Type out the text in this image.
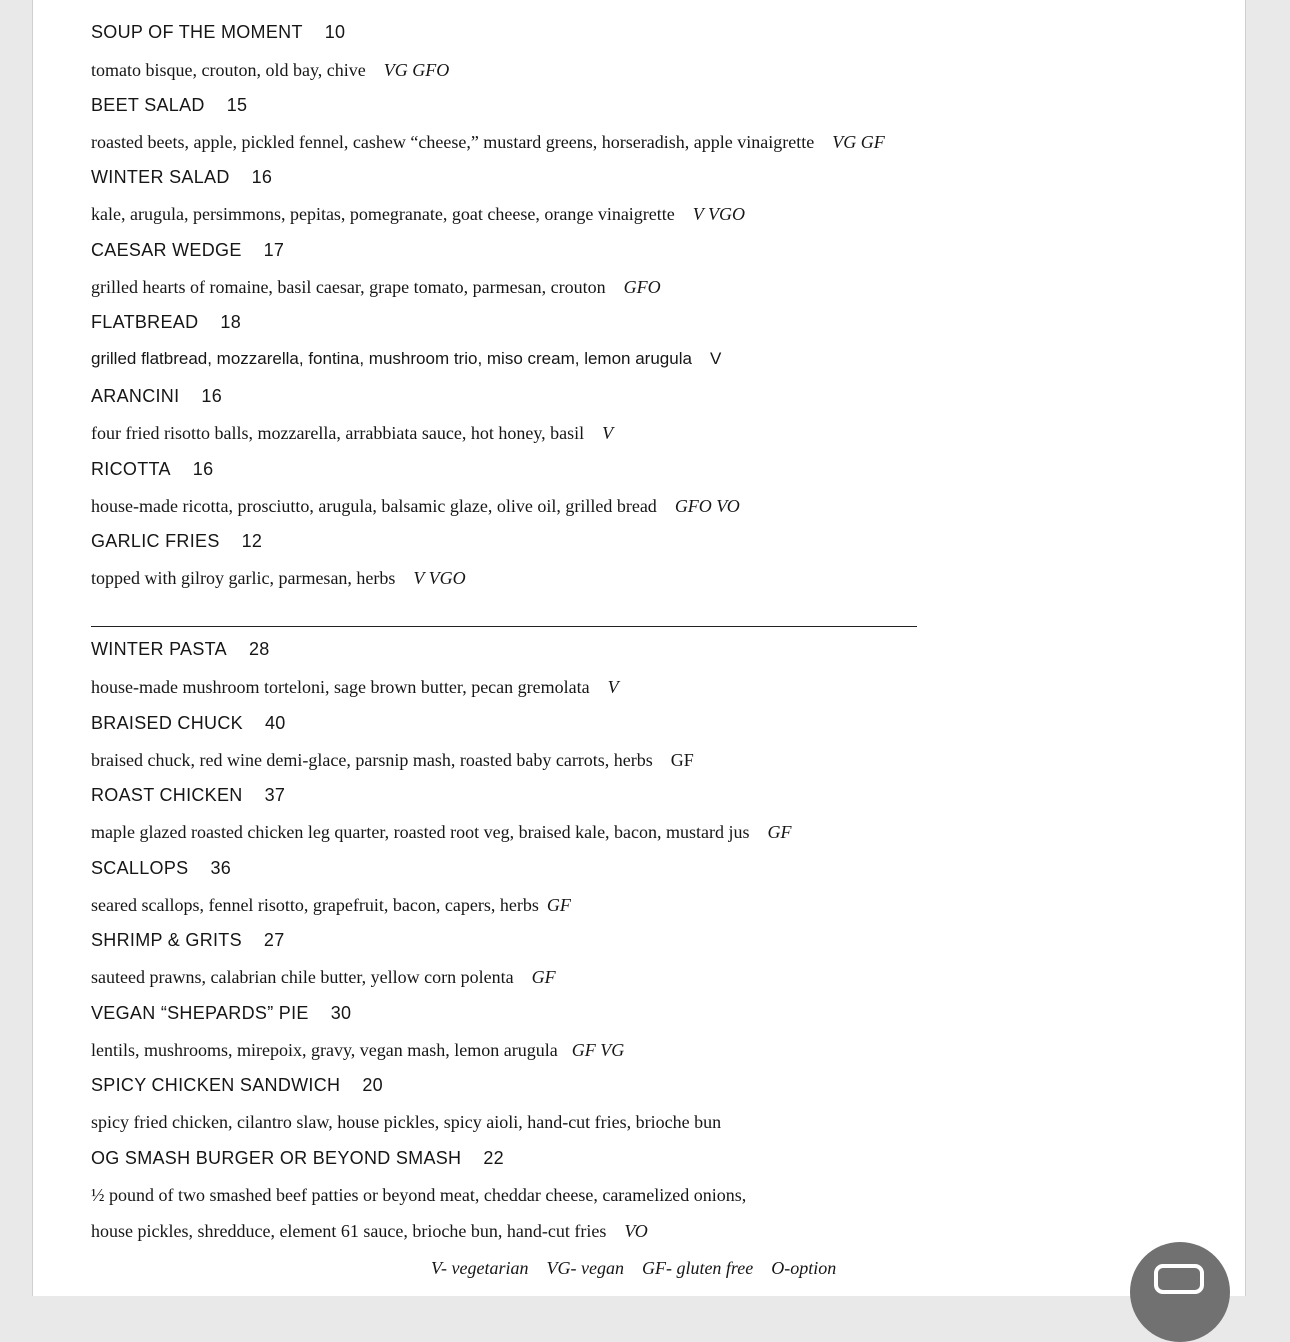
SOUP OF THE MOMENT 10
tomato bisque, crouton, old bay, chive VG GFO
BEET SALAD 15
roasted beets, apple, pickled fennel, cashew “cheese,” mustard greens, horseradish, apple vinaigrette VG GF
WINTER SALAD 16
kale, arugula, persimmons, pepitas, pomegranate, goat cheese, orange vinaigrette V VGO
CAESAR WEDGE 17
grilled hearts of romaine, basil caesar, grape tomato, parmesan, crouton GFO
FLATBREAD 18
grilled flatbread, mozzarella, fontina, mushroom trio, miso cream, lemon arugula V
ARANCINI 16
four fried risotto balls, mozzarella, arrabbiata sauce, hot honey, basil V
RICOTTA 16
house-made ricotta, prosciutto, arugula, balsamic glaze, olive oil, grilled bread GFO VO
GARLIC FRIES 12
topped with gilroy garlic, parmesan, herbs V VGO
WINTER PASTA 28
house-made mushroom torteloni, sage brown butter, pecan gremolata V
BRAISED CHUCK 40
braised chuck, red wine demi-glace, parsnip mash, roasted baby carrots, herbs GF
ROAST CHICKEN 37
maple glazed roasted chicken leg quarter, roasted root veg, braised kale, bacon, mustard jus GF
SCALLOPS 36
seared scallops, fennel risotto, grapefruit, bacon, capers, herbs GF
SHRIMP & GRITS 27
sauteed prawns, calabrian chile butter, yellow corn polenta GF
VEGAN “SHEPARDS” PIE 30
lentils, mushrooms, mirepoix, gravy, vegan mash, lemon arugula GF VG
SPICY CHICKEN SANDWICH 20
spicy fried chicken, cilantro slaw, house pickles, spicy aioli, hand-cut fries, brioche bun
OG SMASH BURGER OR BEYOND SMASH 22
½ pound of two smashed beef patties or beyond meat, cheddar cheese, caramelized onions,
house pickles, shredduce, element 61 sauce, brioche bun, hand-cut fries VO
V- vegetarian VG- vegan GF- gluten free O-option
